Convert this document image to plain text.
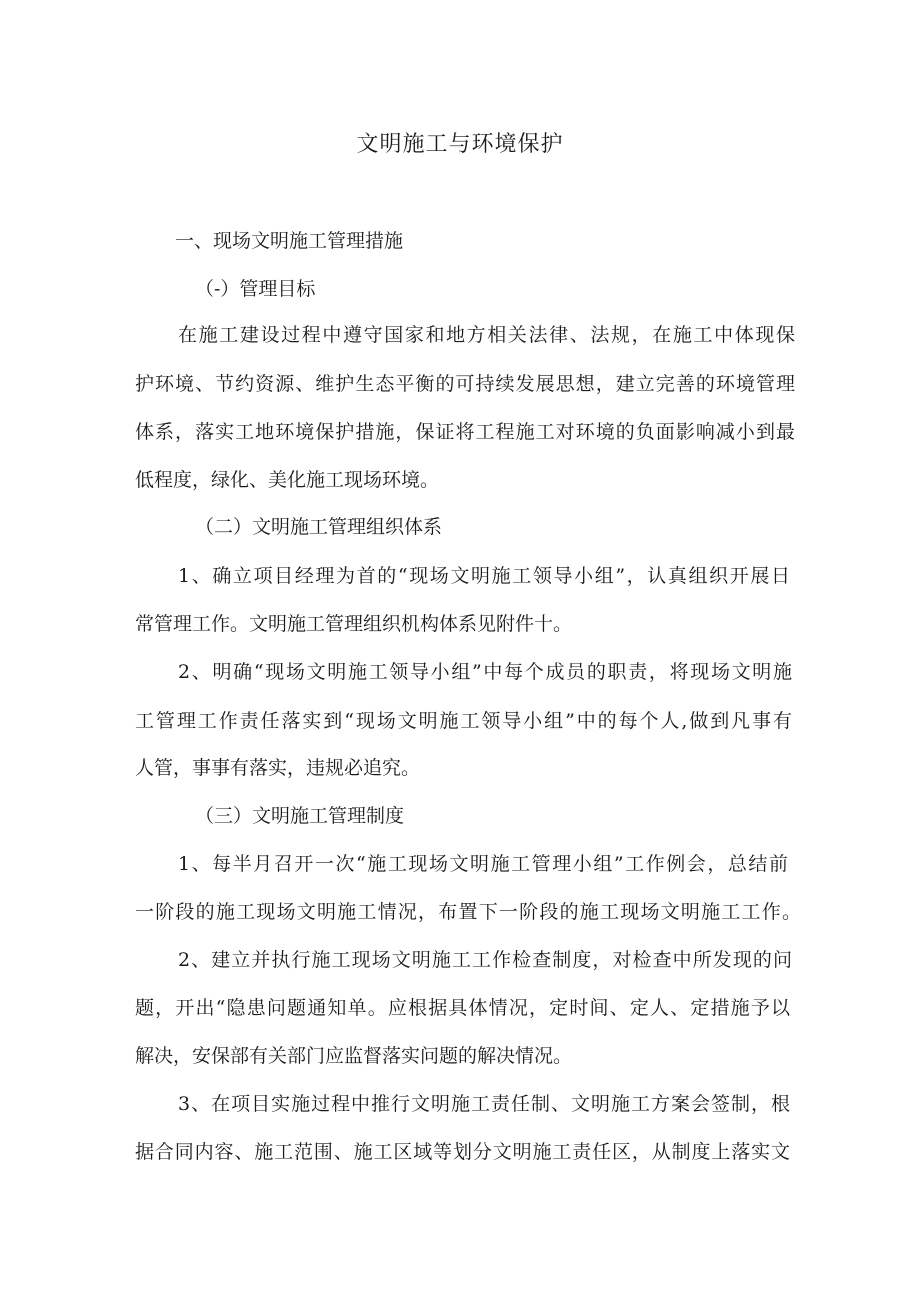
文明施工与环境保护
一、现场文明施工管理措施
（-）管理目标
在施工建设过程中遵守国家和地方相关法律、法规，在施工中体现保
护环境、节约资源、维护生态平衡的可持续发展思想，建立完善的环境管理
体系，落实工地环境保护措施，保证将工程施工对环境的负面影响减小到最
低程度，绿化、美化施工现场环境。
（二）文明施工管理组织体系
1、确立项目经理为首的“现场文明施工领导小组”，认真组织开展日
常管理工作。文明施工管理组织机构体系见附件十。
2、明确“现场文明施工领导小组”中每个成员的职责，将现场文明施
工管理工作责任落实到“现场文明施工领导小组”中的每个人,做到凡事有
人管，事事有落实，违规必追究。
（三）文明施工管理制度
1、每半月召开一次“施工现场文明施工管理小组”工作例会，总结前
一阶段的施工现场文明施工情况，布置下一阶段的施工现场文明施工工作。
2、建立并执行施工现场文明施工工作检查制度，对检查中所发现的问
题，开出“隐患问题通知单。应根据具体情况，定时间、定人、定措施予以
解决，安保部有关部门应监督落实问题的解决情况。
3、在项目实施过程中推行文明施工责任制、文明施工方案会签制，根
据合同内容、施工范围、施工区域等划分文明施工责任区，从制度上落实文
